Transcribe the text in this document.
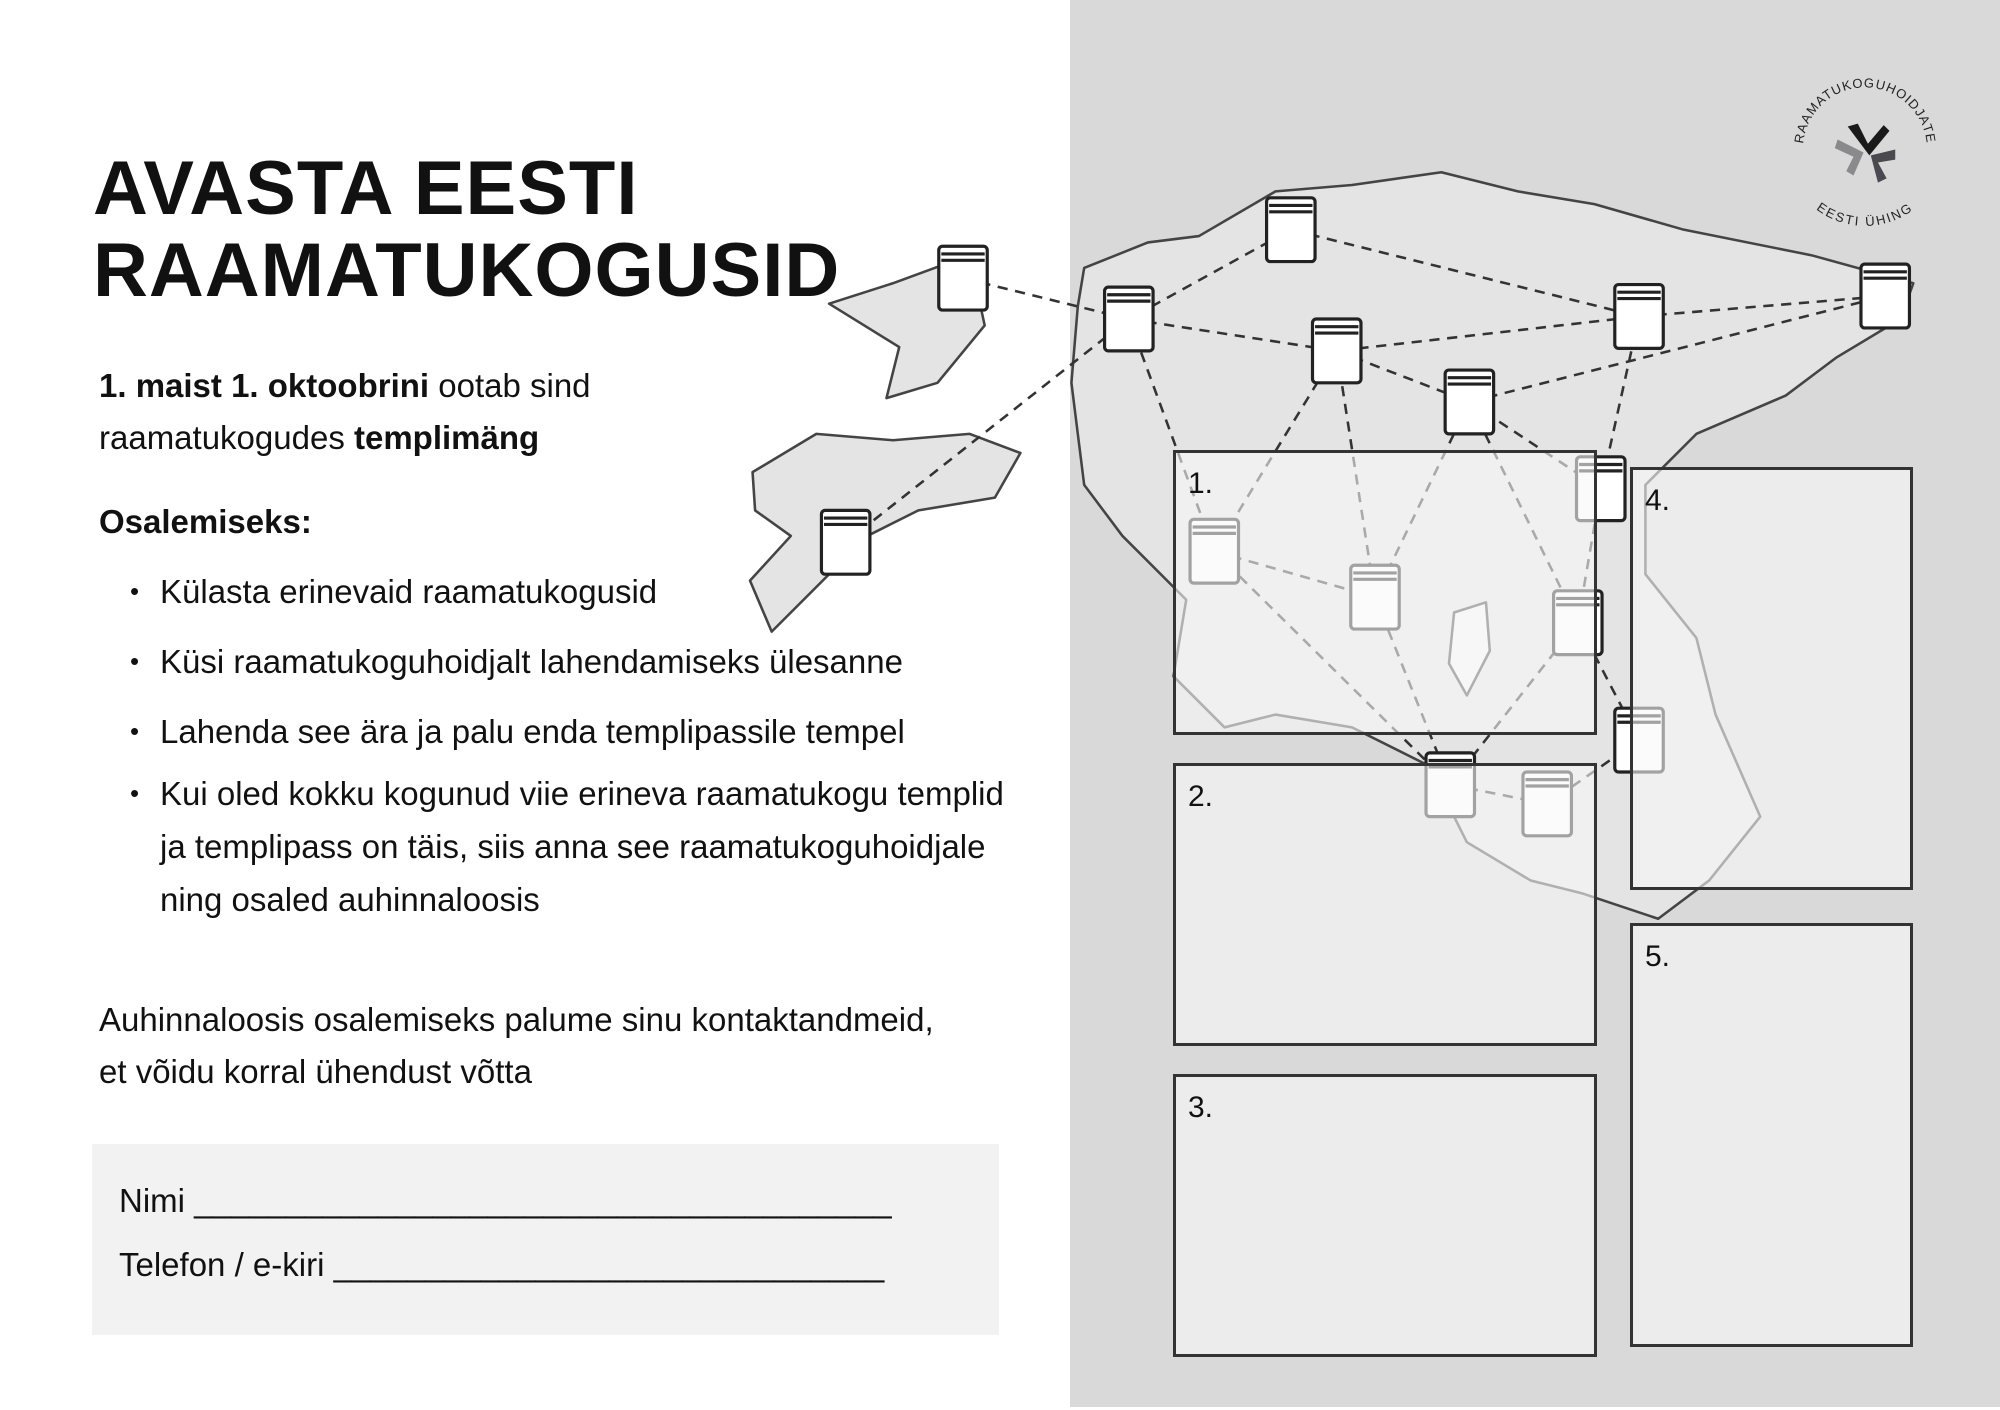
AVASTA EESTI
RAAMATUKOGUSID
1. maist 1. oktoobrini ootab sind
raamatukogudes templimäng
Osalemiseks:
• Külasta erinevaid raamatukogusid
• Küsi raamatukoguhoidjalt lahendamiseks ülesanne
• Lahenda see ära ja palu enda templipassile tempel
• Kui oled kokku kogunud viie erineva raamatukogu templid ja templipass on täis, siis anna see raamatukoguhoidjale ning osaled auhinnaloosis
Auhinnaloosis osalemiseks palume sinu kontaktandmeid,
et võidu korral ühendust võtta
Nimi ______________________________________
Telefon / e-kiri ______________________________
1.
2.
3.
4.
5.
RAAMATUKOGUHOIDJATE
EESTI ÜHING
